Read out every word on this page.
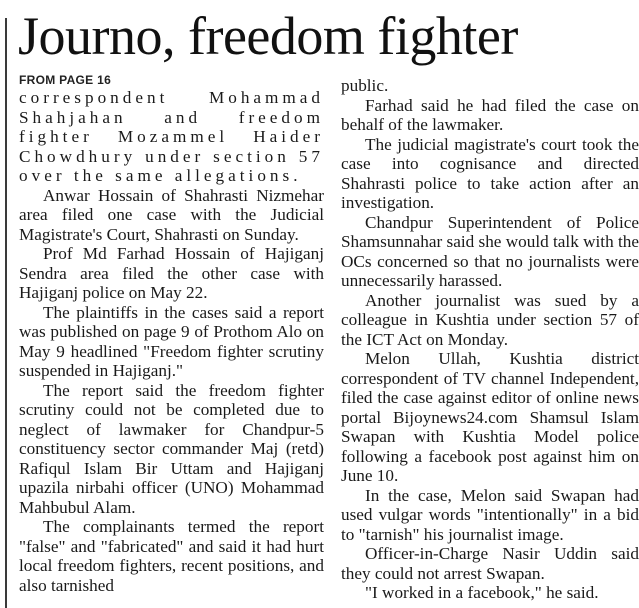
Journo, freedom fighter
FROM PAGE 16

correspondent Mohammad Shahjahan and freedom fighter Mozammel Haider Chowdhury under section 57 over the same allegations.

Anwar Hossain of Shahrasti Nizmehar area filed one case with the Judicial Magistrate's Court, Shahrasti on Sunday.

Prof Md Farhad Hossain of Hajiganj Sendra area filed the other case with Hajiganj police on May 22.

The plaintiffs in the cases said a report was published on page 9 of Prothom Alo on May 9 headlined "Freedom fighter scrutiny suspended in Hajiganj."

The report said the freedom fighter scrutiny could not be completed due to neglect of lawmaker for Chandpur-5 constituency sector commander Maj (retd) Rafiqul Islam Bir Uttam and Hajiganj upazila nirbahi officer (UNO) Mohammad Mahbubul Alam.

The complainants termed the report "false" and "fabricated" and said it had hurt local freedom fighters, recent positions, and also tarnished

public.

Farhad said he had filed the case on behalf of the lawmaker.

The judicial magistrate's court took the case into cognisance and directed Shahrasti police to take action after an investigation.

Chandpur Superintendent of Police Shamsunnahar said she would talk with the OCs concerned so that no journalists were unnecessarily harassed.

Another journalist was sued by a colleague in Kushtia under section 57 of the ICT Act on Monday.

Melon Ullah, Kushtia district correspondent of TV channel Independent, filed the case against editor of online news portal Bijoynews24.com Shamsul Islam Swapan with Kushtia Model police following a facebook post against him on June 10.

In the case, Melon said Swapan had used vulgar words "intentionally" in a bid to "tarnish" his journalist image.

Officer-in-Charge Nasir Uddin said they could not arrest Swapan.

"I worked in a facebook," he said.
